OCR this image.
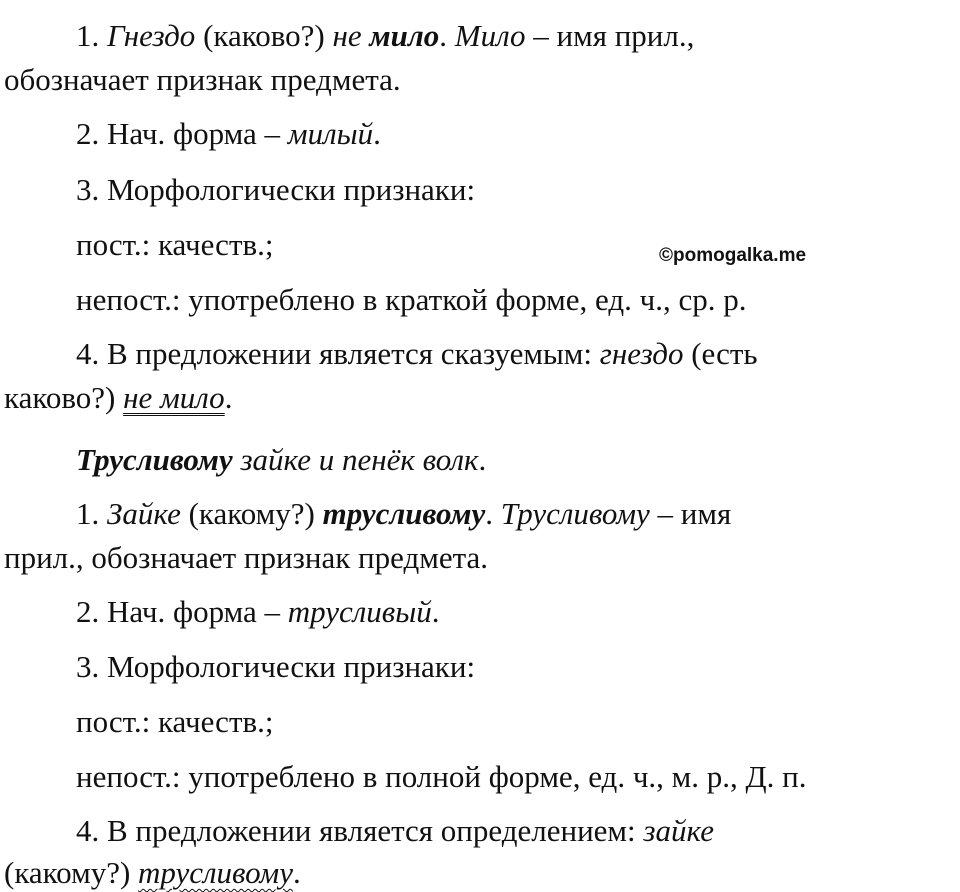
©pomogalka.me
1. Гнездо (каково?) не мило. Мило – имя прил.,
обозначает признак предмета.
2. Нач. форма – милый.
3. Морфологически признаки:
пост.: качеств.;
непост.: употреблено в краткой форме, ед. ч., ср. р.
4. В предложении является сказуемым: гнездо (есть
каково?) не мило.
Трусливому зайке и пенёк волк.
1. Зайке (какому?) трусливому. Трусливому – имя
прил., обозначает признак предмета.
2. Нач. форма – трусливый.
3. Морфологически признаки:
пост.: качеств.;
непост.: употреблено в полной форме, ед. ч., м. р., Д. п.
4. В предложении является определением: зайке
(какому?) трусливому.
